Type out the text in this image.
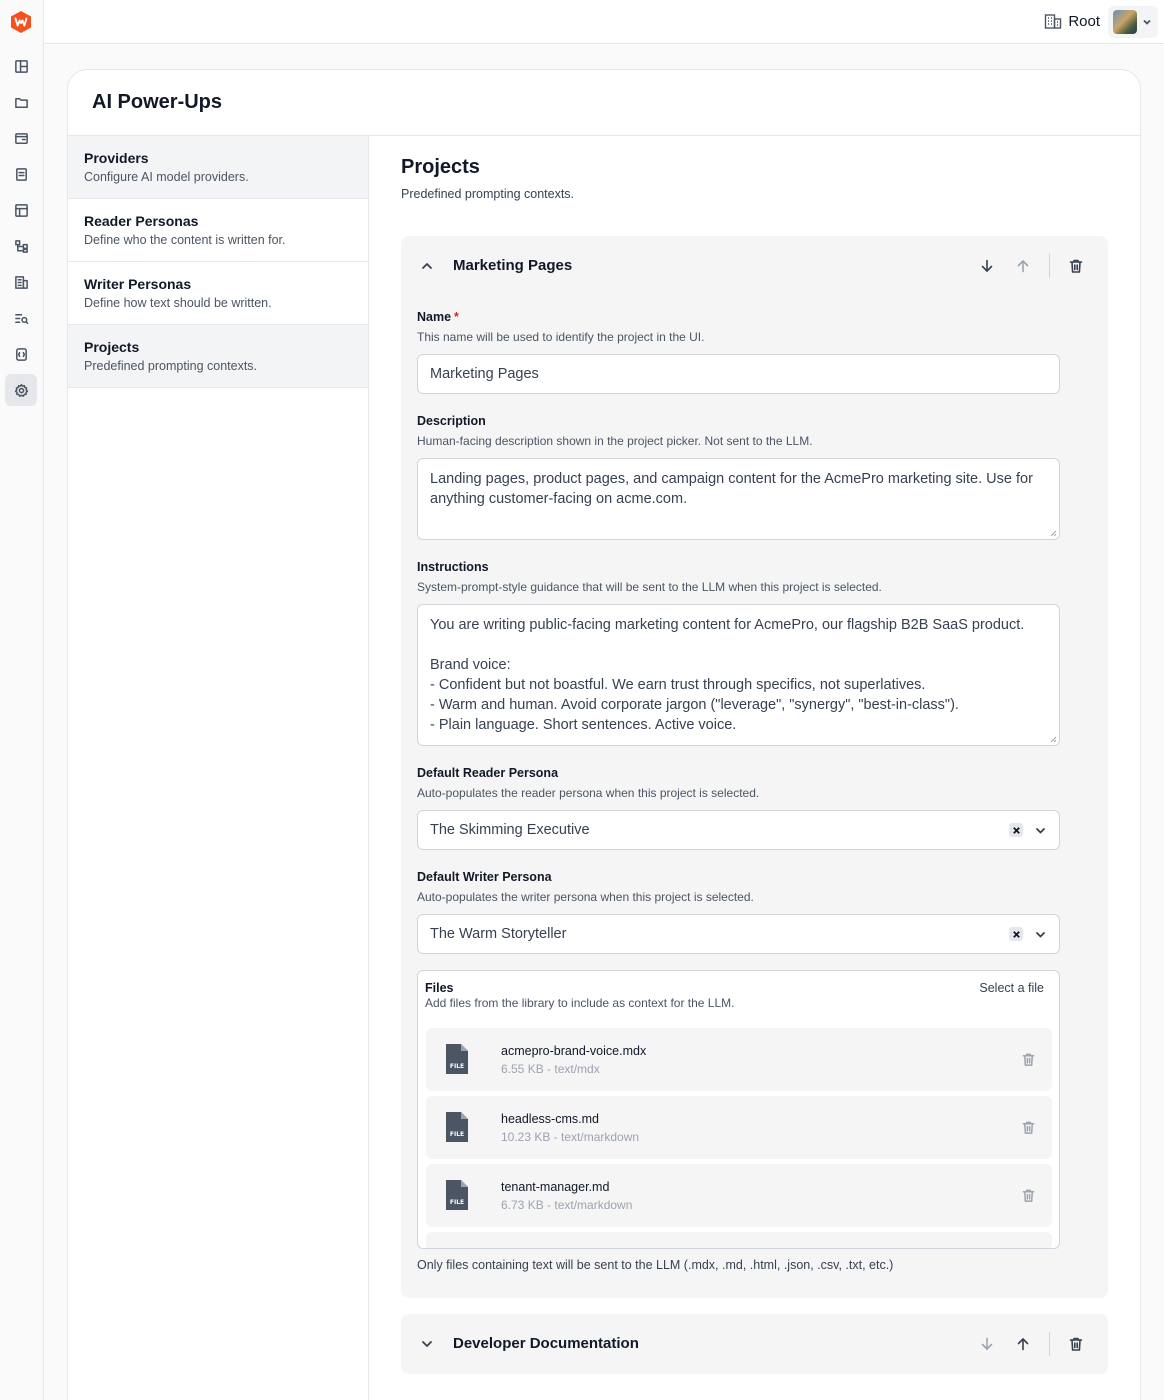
Root
AI Power-Ups
Providers
Configure AI model providers.
Reader Personas
Define who the content is written for.
Writer Personas
Define how text should be written.
Projects
Predefined prompting contexts.
Projects
Predefined prompting contexts.
Marketing Pages
Name *
This name will be used to identify the project in the UI.
Marketing Pages
Description
Human-facing description shown in the project picker. Not sent to the LLM.
Landing pages, product pages, and campaign content for the AcmePro marketing site. Use for anything customer-facing on acme.com.
Instructions
System-prompt-style guidance that will be sent to the LLM when this project is selected.
You are writing public-facing marketing content for AcmePro, our flagship B2B SaaS product.

Brand voice:
- Confident but not boastful. We earn trust through specifics, not superlatives.
- Warm and human. Avoid corporate jargon ("leverage", "synergy", "best-in-class").
- Plain language. Short sentences. Active voice.
Default Reader Persona
Auto-populates the reader persona when this project is selected.
The Skimming Executive
Default Writer Persona
Auto-populates the writer persona when this project is selected.
The Warm Storyteller
Files
Add files from the library to include as context for the LLM.
Select a file
FILE
acmepro-brand-voice.mdx
6.55 KB - text/mdx
FILE
headless-cms.md
10.23 KB - text/markdown
FILE
tenant-manager.md
6.73 KB - text/markdown
Only files containing text will be sent to the LLM (.mdx, .md, .html, .json, .csv, .txt, etc.)
Developer Documentation
